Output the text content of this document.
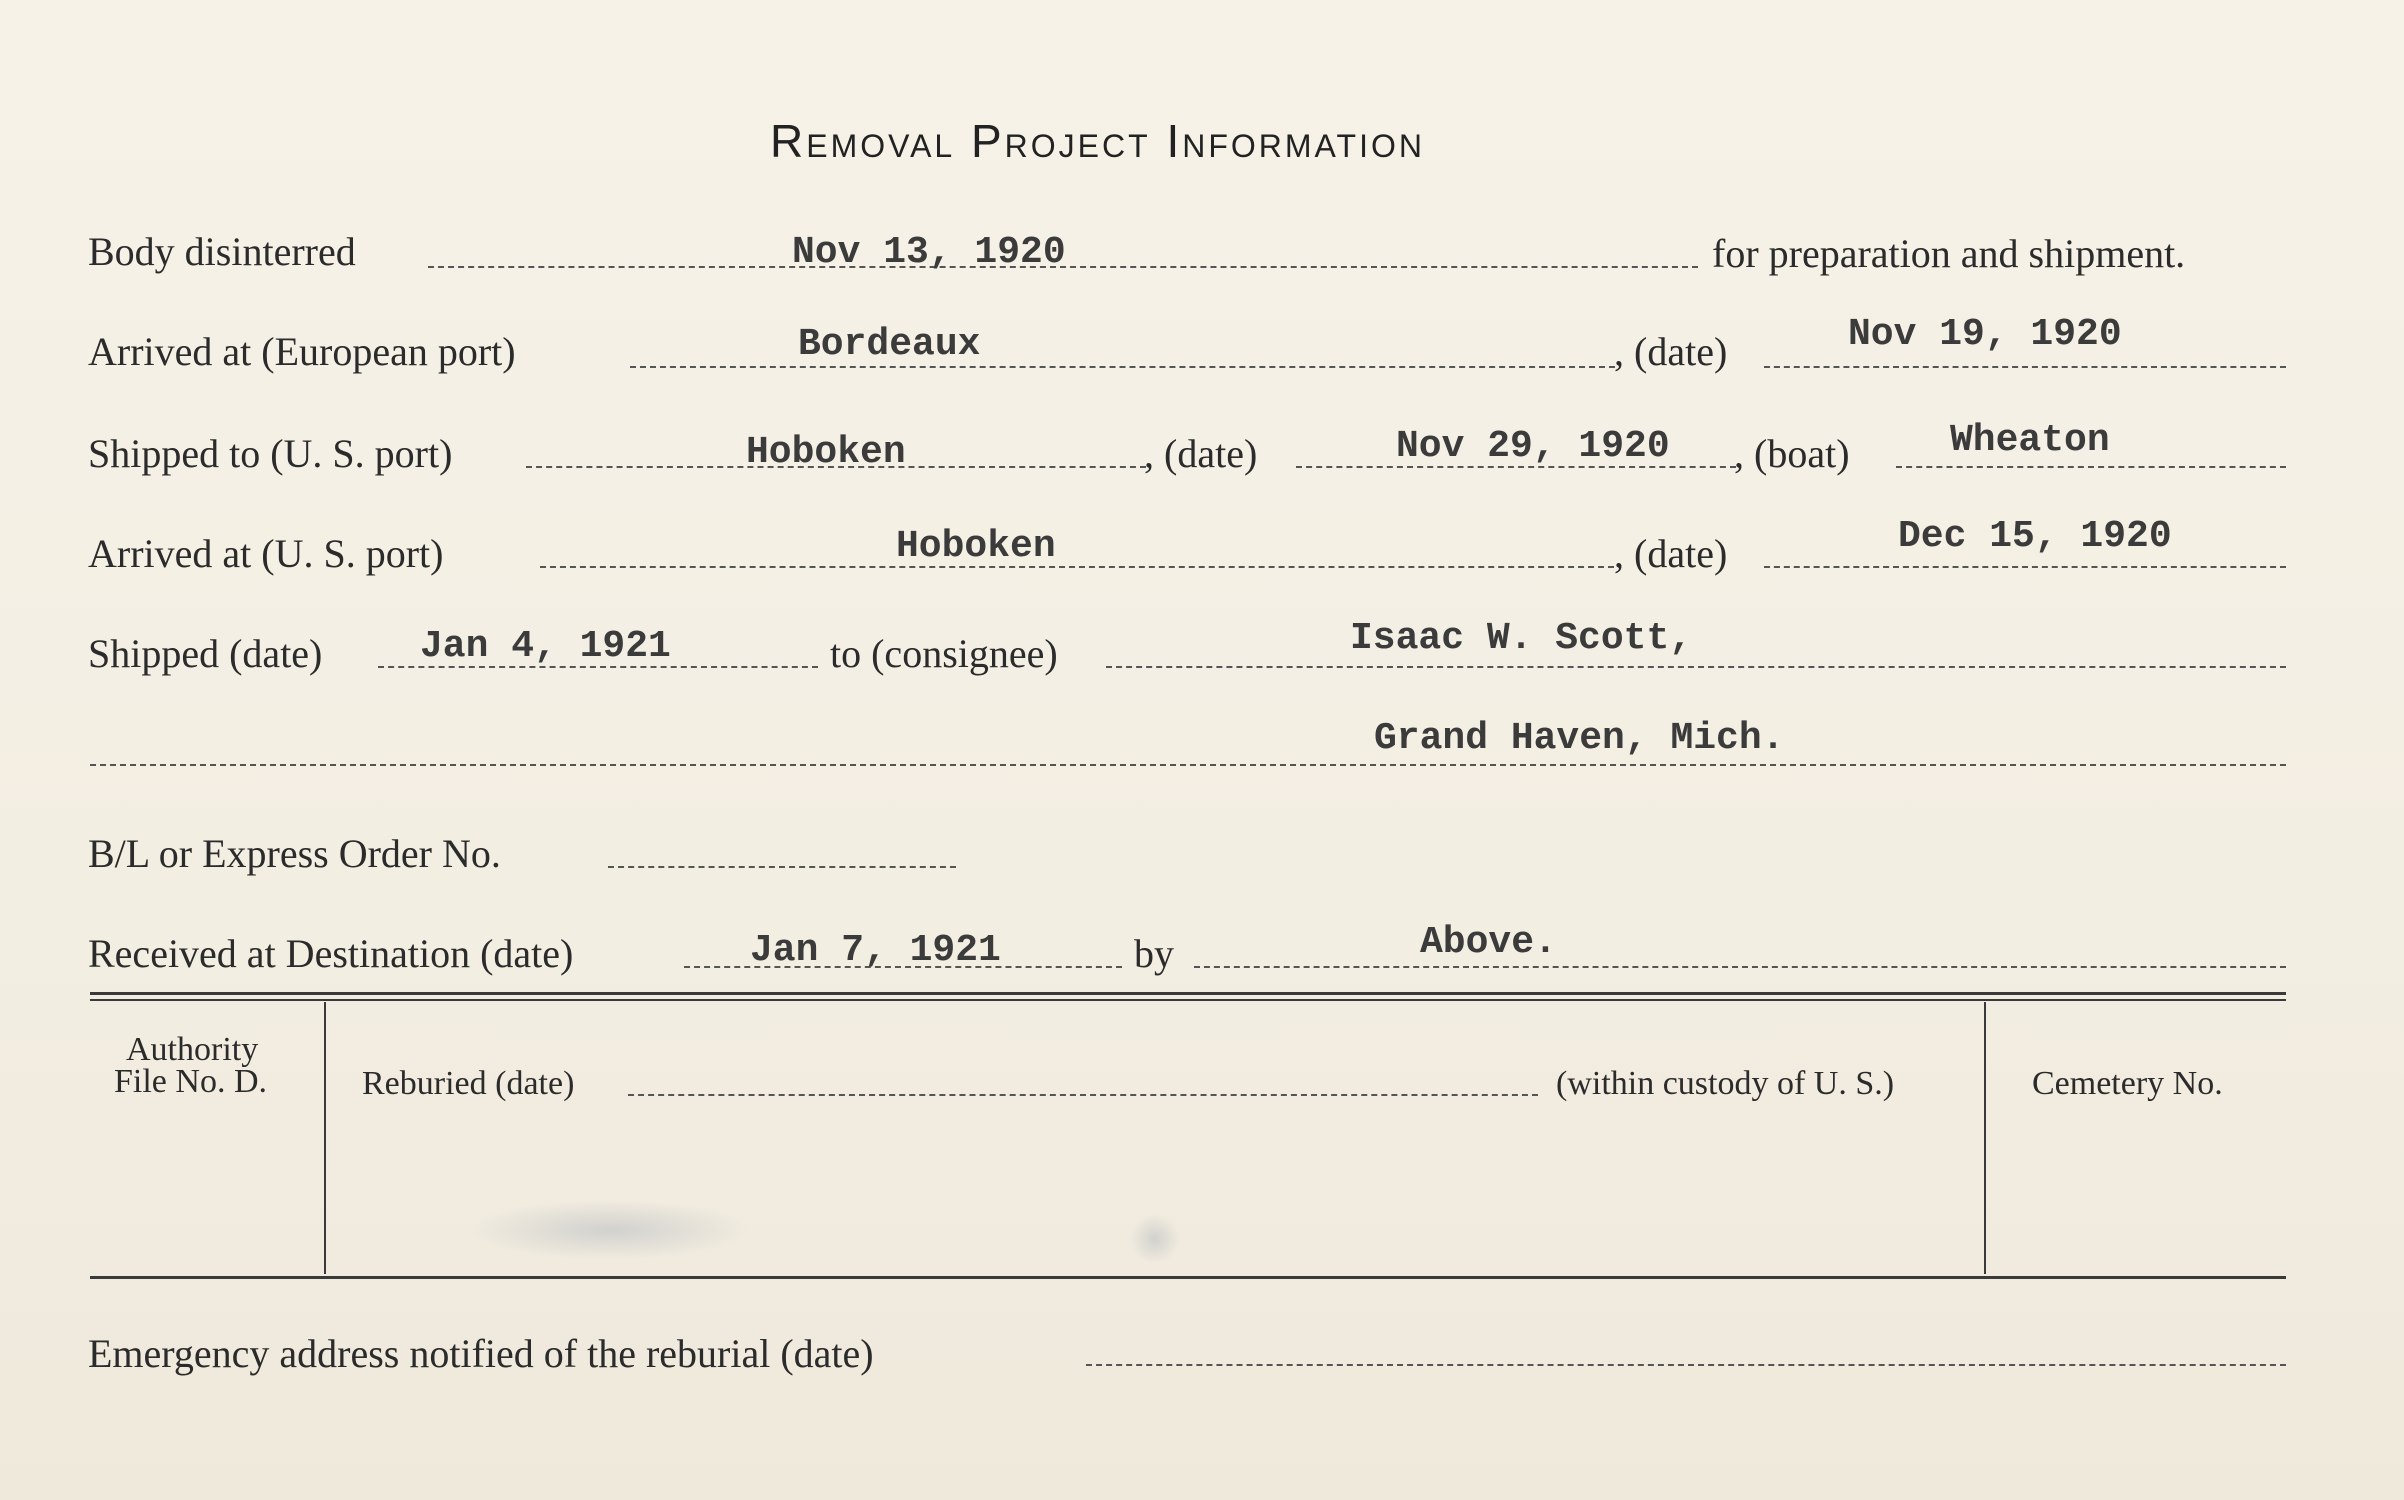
Removal Project Information
Body disinterred	Nov 13, 1920	for preparation and shipment.
Arrived at (European port)	Bordeaux	, (date)	Nov 19, 1920
Shipped to (U. S. port)	Hoboken	, (date)	Nov 29, 1920 , (boat)	Wheaton
Arrived at (U. S. port)	Hoboken	, (date)	Dec 15, 1920
Shipped (date)	Jan 4, 1921	to (consignee)	Isaac W. Scott,
Grand Haven, Mich.
B/L or Express Order No.
Received at Destination (date)	Jan 7, 1921	by	Above.
Authority
File No. D.	Reburied (date)	(within custody of U. S.)	Cemetery No.
Emergency address notified of the reburial (date)
